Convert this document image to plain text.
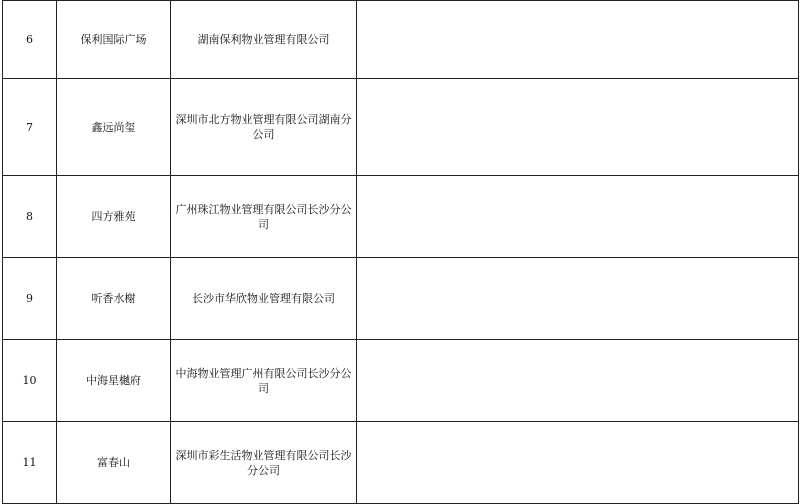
6	保利国际广场	湖南保利物业管理有限公司	
7	鑫远尚玺	深圳市北方物业管理有限公司湖南分公司	
8	四方雅苑	广州珠江物业管理有限公司长沙分公司	
9	听香水榭	长沙市华欣物业管理有限公司	
10	中海星樾府	中海物业管理广州有限公司长沙分公司	
11	富春山	深圳市彩生活物业管理有限公司长沙分公司	
